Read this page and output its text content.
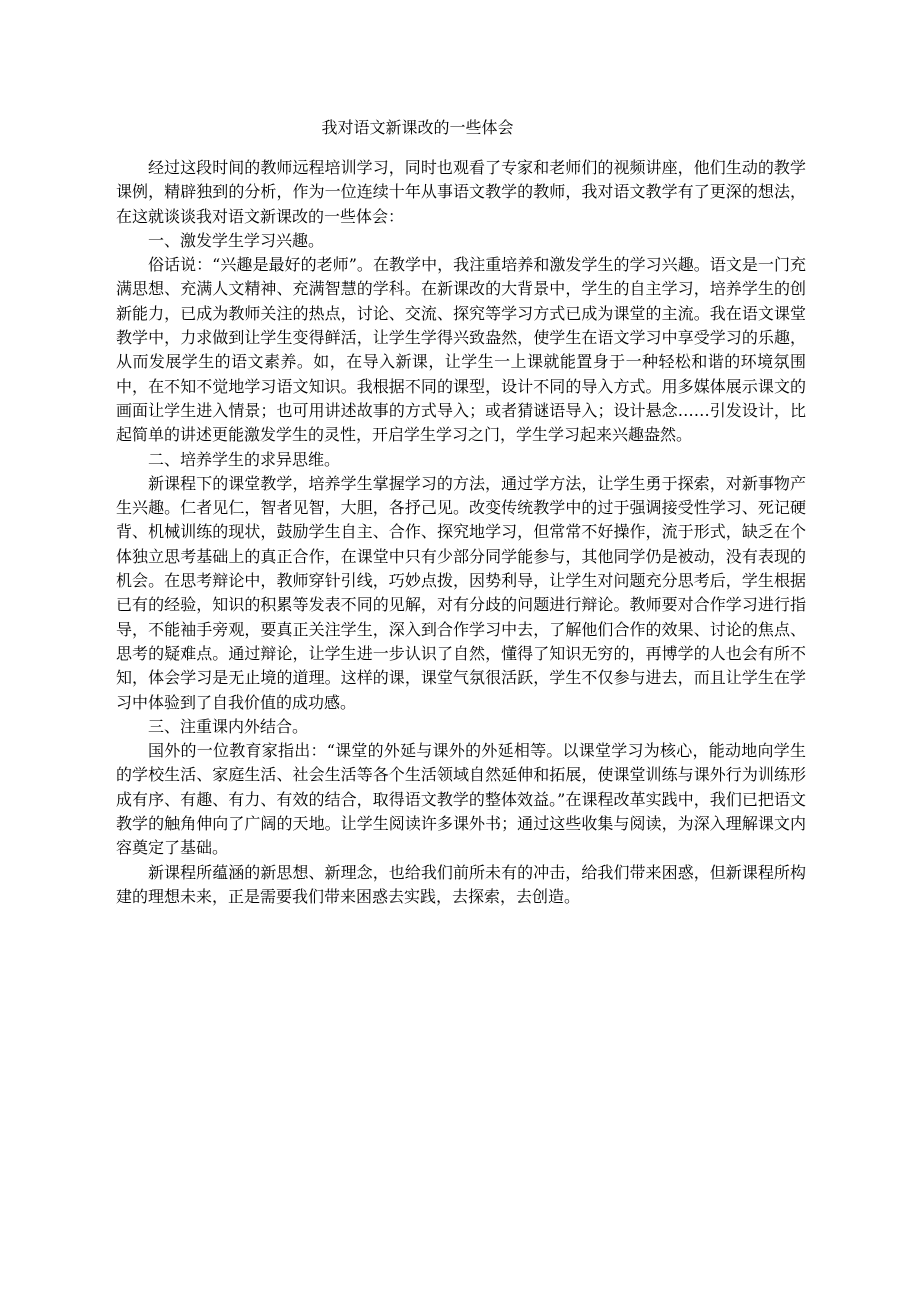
我对语文新课改的一些体会

经过这段时间的教师远程培训学习，同时也观看了专家和老师们的视频讲座，他们生动的教学课例，精辟独到的分析，作为一位连续十年从事语文教学的教师，我对语文教学有了更深的想法，在这就谈谈我对语文新课改的一些体会：

一、激发学生学习兴趣。

俗话说：“兴趣是最好的老师”。在教学中，我注重培养和激发学生的学习兴趣。语文是一门充满思想、充满人文精神、充满智慧的学科。在新课改的大背景中，学生的自主学习，培养学生的创新能力，已成为教师关注的热点，讨论、交流、探究等学习方式已成为课堂的主流。我在语文课堂教学中，力求做到让学生变得鲜活，让学生学得兴致盎然，使学生在语文学习中享受学习的乐趣，从而发展学生的语文素养。如，在导入新课，让学生一上课就能置身于一种轻松和谐的环境氛围中，在不知不觉地学习语文知识。我根据不同的课型，设计不同的导入方式。用多媒体展示课文的画面让学生进入情景；也可用讲述故事的方式导入；或者猜谜语导入；设计悬念……引发设计，比起简单的讲述更能激发学生的灵性，开启学生学习之门，学生学习起来兴趣盎然。

二、培养学生的求异思维。

新课程下的课堂教学，培养学生掌握学习的方法，通过学方法，让学生勇于探索，对新事物产生兴趣。仁者见仁，智者见智，大胆，各抒己见。改变传统教学中的过于强调接受性学习、死记硬背、机械训练的现状，鼓励学生自主、合作、探究地学习，但常常不好操作，流于形式，缺乏在个体独立思考基础上的真正合作，在课堂中只有少部分同学能参与，其他同学仍是被动，没有表现的机会。在思考辩论中，教师穿针引线，巧妙点拨，因势利导，让学生对问题充分思考后，学生根据已有的经验，知识的积累等发表不同的见解，对有分歧的问题进行辩论。教师要对合作学习进行指导，不能袖手旁观，要真正关注学生，深入到合作学习中去，了解他们合作的效果、讨论的焦点、思考的疑难点。通过辩论，让学生进一步认识了自然，懂得了知识无穷的，再博学的人也会有所不知，体会学习是无止境的道理。这样的课，课堂气氛很活跃，学生不仅参与进去，而且让学生在学习中体验到了自我价值的成功感。

三、注重课内外结合。

国外的一位教育家指出：“课堂的外延与课外的外延相等。以课堂学习为核心，能动地向学生的学校生活、家庭生活、社会生活等各个生活领域自然延伸和拓展，使课堂训练与课外行为训练形成有序、有趣、有力、有效的结合，取得语文教学的整体效益。”在课程改革实践中，我们已把语文教学的触角伸向了广阔的天地。让学生阅读许多课外书；通过这些收集与阅读，为深入理解课文内容奠定了基础。

新课程所蕴涵的新思想、新理念，也给我们前所未有的冲击，给我们带来困惑，但新课程所构建的理想未来，正是需要我们带来困惑去实践，去探索，去创造。
